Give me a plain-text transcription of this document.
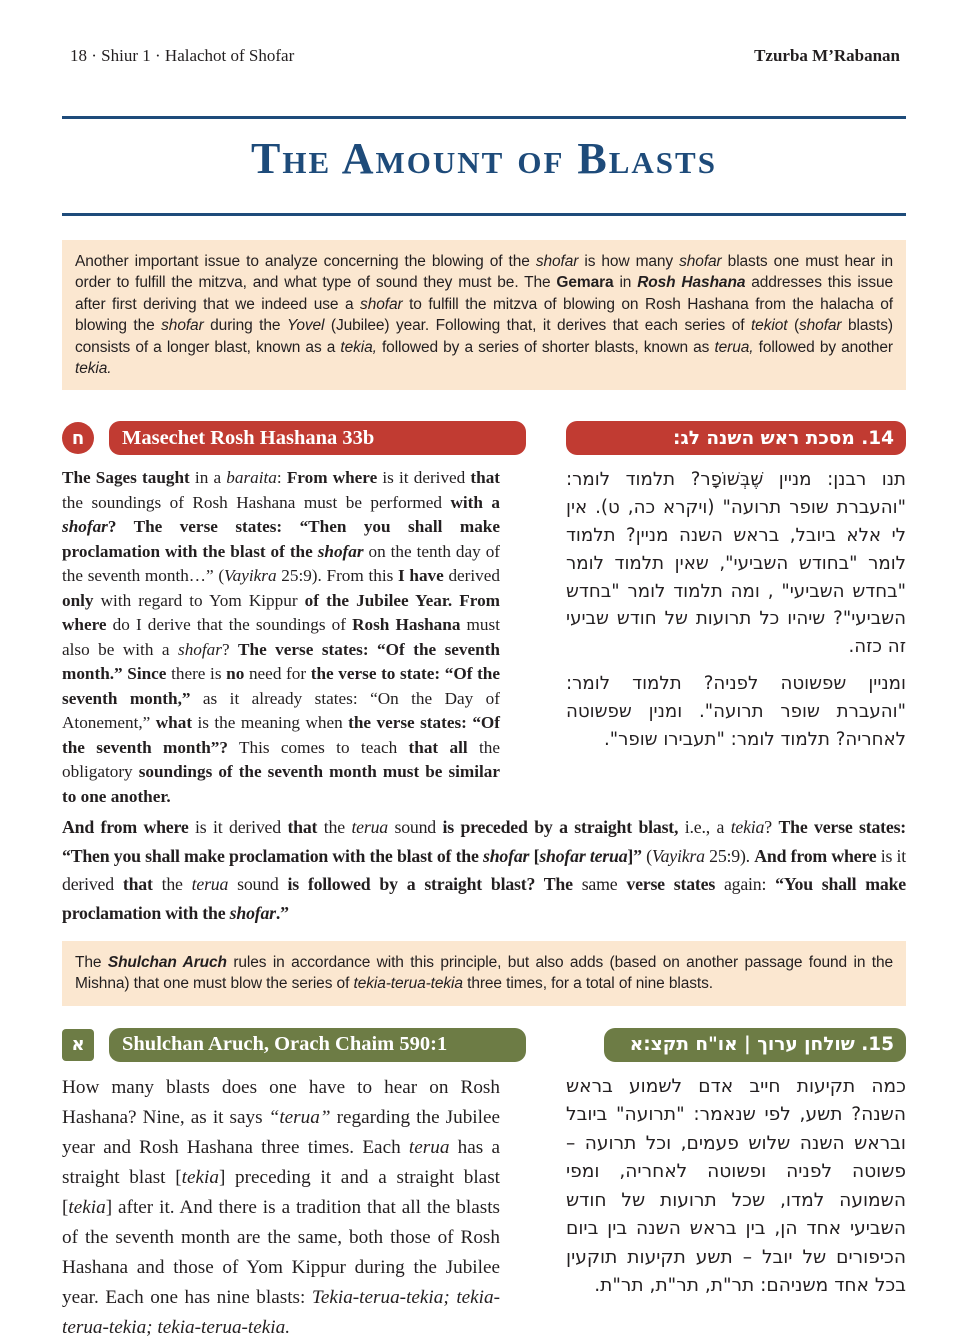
18 · Shiur 1 · Halachot of Shofar	Tzurba M’Rabanan
The Amount of Blasts
Another important issue to analyze concerning the blowing of the shofar is how many shofar blasts one must hear in order to fulfill the mitzva, and what type of sound they must be. The Gemara in Rosh Hashana addresses this issue after first deriving that we indeed use a shofar to fulfill the mitzva of blowing on Rosh Hashana from the halacha of blowing the shofar during the Yovel (Jubilee) year. Following that, it derives that each series of tekiot (shofar blasts) consists of a longer blast, known as a tekia, followed by a series of shorter blasts, known as terua, followed by another tekia.
ח	Masechet Rosh Hashana 33b	14. מסכת ראש השנה לג:
The Sages taught in a baraita: From where is it derived that the soundings of Rosh Hashana must be performed with a shofar? The verse states: “Then you shall make proclamation with the blast of the shofar on the tenth day of the seventh month…” (Vayikra 25:9). From this I have derived only with regard to Yom Kippur of the Jubilee Year. From where do I derive that the soundings of Rosh Hashana must also be with a shofar? The verse states: “Of the seventh month.” Since there is no need for the verse to state: “Of the seventh month,” as it already states: “On the Day of Atonement,” what is the meaning when the verse states: “Of the seventh month”? This comes to teach that all the obligatory soundings of the seventh month must be similar to one another.

תנו רבנן: מניין שֶׁבְּשׁוֹפָר? תלמוד לומר: "והעברת שופר תרועה" (ויקרא כה, ט). אין לי אלא ביובל, בראש השנה מניין? תלמוד לומר "בחודש השביעי", שאין תלמוד לומר "בחדש השביעי" , ומה תלמוד לומר "בחדש השביעי"? שיהיו כל תרועות של חודש שביעי זה כזה.

ומניין שפשוטה לפניה? תלמוד לומר: "והעברת שופר תרועה". ומנין שפשוטה לאחריה? תלמוד לומר: "תעבירו שופר".

And from where is it derived that the terua sound is preceded by a straight blast, i.e., a tekia? The verse states: “Then you shall make proclamation with the blast of the shofar [shofar terua]” (Vayikra 25:9). And from where is it derived that the terua sound is followed by a straight blast? The same verse states again: “You shall make proclamation with the shofar.”
The Shulchan Aruch rules in accordance with this principle, but also adds (based on another passage found in the Mishna) that one must blow the series of tekia-terua-tekia three times, for a total of nine blasts.
א	Shulchan Aruch, Orach Chaim 590:1	15. שולחן ערוך | או"ח תקצ:א
How many blasts does one have to hear on Rosh Hashana? Nine, as it says “terua” regarding the Jubilee year and Rosh Hashana three times. Each terua has a straight blast [tekia] preceding it and a straight blast [tekia] after it. And there is a tradition that all the blasts of the seventh month are the same, both those of Rosh Hashana and those of Yom Kippur during the Jubilee year. Each one has nine blasts: Tekia-terua-tekia; tekia- terua-tekia; tekia-terua-tekia.

כמה תקיעות חייב אדם לשמוע בראש השנה? תשע, לפי שנאמר: "תרועה" ביובל ובראש השנה שלוש פעמים, וכל תרועה – פשוטה לפניה ופשוטה לאחריה, ומפי השמועה למדו, שכל תרועות של חודש השביעי אחד הן, בין בראש השנה בין ביום הכיפורים של יובל – תשע תקיעות תוקעין בכל אחד משניהם: תר"ת, תר"ת, תר"ת.
